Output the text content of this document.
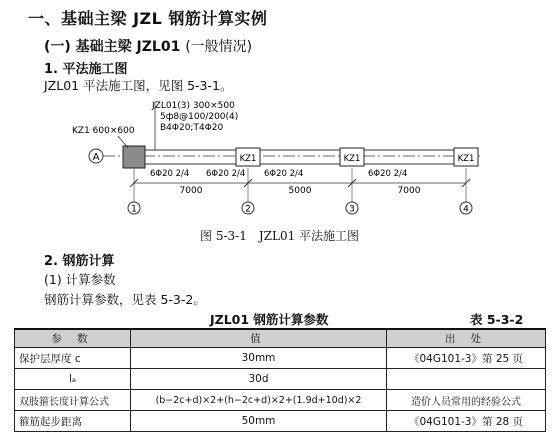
一、基础主梁 JZL 钢筋计算实例
(一) 基础主梁 JZL01 (一般情况)
1. 平法施工图
JZL01 平法施工图，见图 5-3-1。
A	KZ1	KZ1	KZ1
JZL01(3) 300×500
5ф8@100/200(4)
B4Φ20;T4Φ20
KZ1 600×600
6Φ20 2/4 6Φ20 2/4 6Φ20 2/4	6Φ20 2/4
7000	5000	7000
1	2	3	4
图 5-3-1　JZL01 平法施工图
2. 钢筋计算
(1) 计算参数
钢筋计算参数，见表 5-3-2。
JZL01 钢筋计算参数	表 5-3-2
参 数	值	出 处
保护层厚度 c	30mm	《04G101-3》第 25 页
lₐ	30d	
双肢箍长度计算公式	(b−2c+d)×2+(h−2c+d)×2+(1.9d+10d)×2	造价人员常用的经验公式
箍筋起步距离	50mm	《04G101-3》第 28 页
